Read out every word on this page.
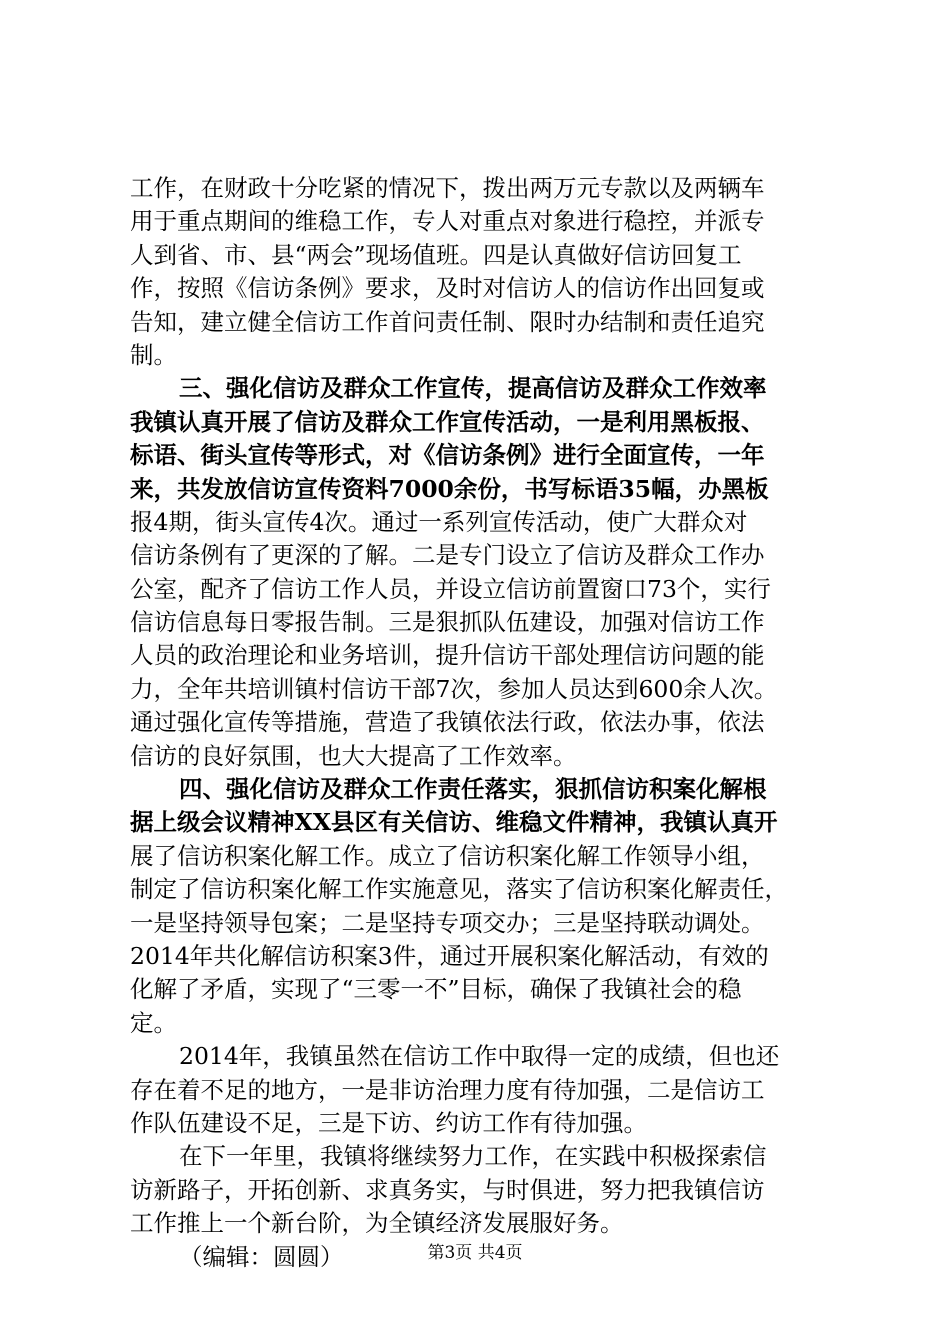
工作，在财政十分吃紧的情况下，拨出两万元专款以及两辆车
用于重点期间的维稳工作，专人对重点对象进行稳控，并派专
人到省、市、县“两会”现场值班。四是认真做好信访回复工
作，按照《信访条例》要求，及时对信访人的信访作出回复或
告知，建立健全信访工作首问责任制、限时办结制和责任追究
制。
三、强化信访及群众工作宣传，提高信访及群众工作效率
我镇认真开展了信访及群众工作宣传活动，一是利用黑板报、
标语、街头宣传等形式，对《信访条例》进行全面宣传，一年
来，共发放信访宣传资料7000余份，书写标语35幅，办黑板
报4期，街头宣传4次。通过一系列宣传活动，使广大群众对
信访条例有了更深的了解。二是专门设立了信访及群众工作办
公室，配齐了信访工作人员，并设立信访前置窗口73个，实行
信访信息每日零报告制。三是狠抓队伍建设，加强对信访工作
人员的政治理论和业务培训，提升信访干部处理信访问题的能
力，全年共培训镇村信访干部7次，参加人员达到600余人次。
通过强化宣传等措施，营造了我镇依法行政，依法办事，依法
信访的良好氛围，也大大提高了工作效率。
四、强化信访及群众工作责任落实，狠抓信访积案化解根
据上级会议精神XX县区有关信访、维稳文件精神，我镇认真开
展了信访积案化解工作。成立了信访积案化解工作领导小组，
制定了信访积案化解工作实施意见，落实了信访积案化解责任，
一是坚持领导包案；二是坚持专项交办；三是坚持联动调处。
2014年共化解信访积案3件，通过开展积案化解活动，有效的
化解了矛盾，实现了“三零一不”目标，确保了我镇社会的稳
定。
2014年，我镇虽然在信访工作中取得一定的成绩，但也还
存在着不足的地方，一是非访治理力度有待加强，二是信访工
作队伍建设不足，三是下访、约访工作有待加强。
在下一年里，我镇将继续努力工作，在实践中积极探索信
访新路子，开拓创新、求真务实，与时俱进，努力把我镇信访
工作推上一个新台阶，为全镇经济发展服好务。
（编辑：圆圆）	第3页 共4页
